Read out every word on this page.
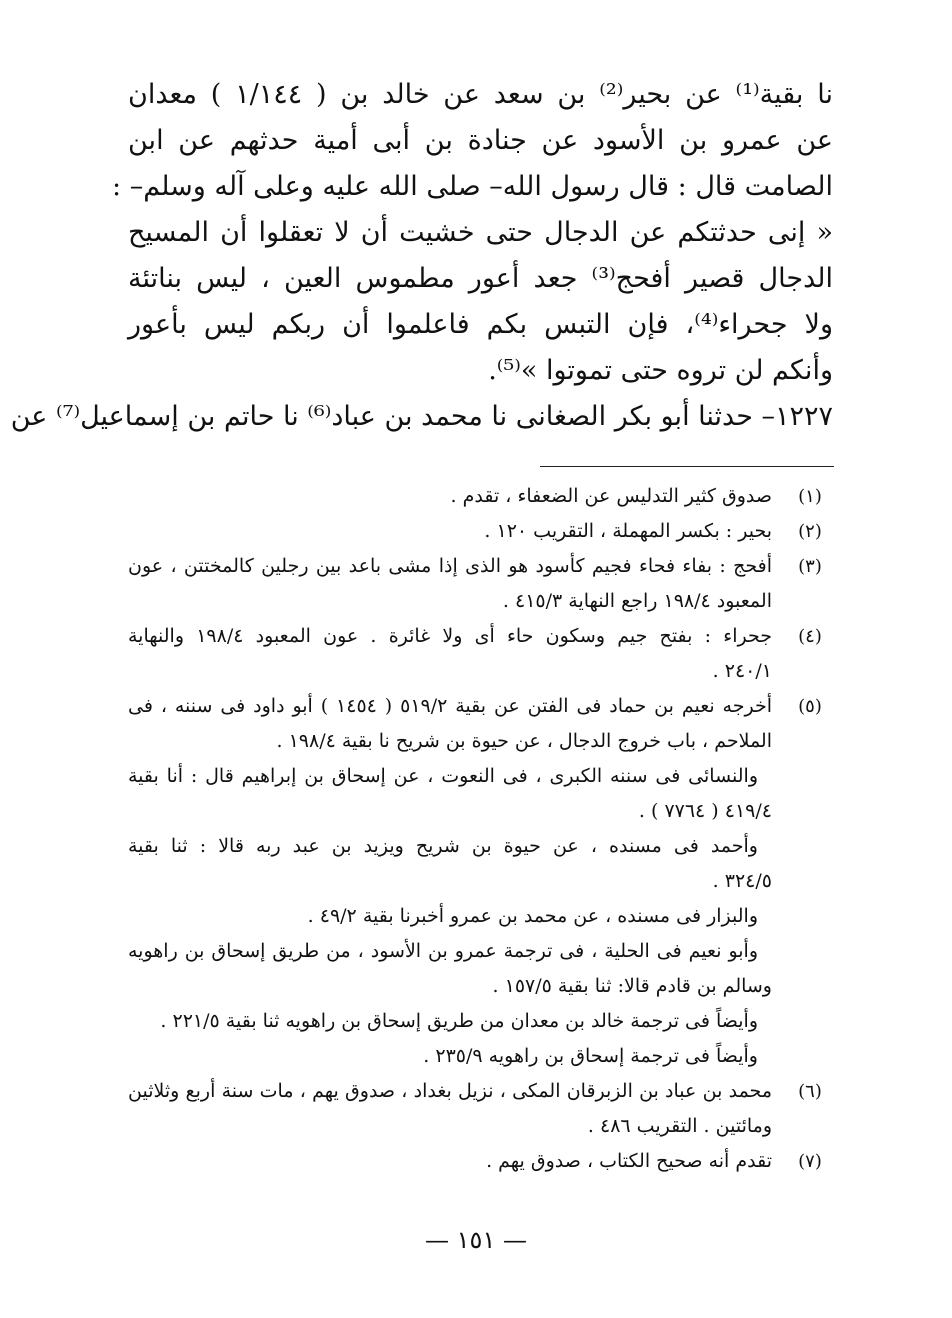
نا بقية⁽¹⁾ عن بحير⁽²⁾ بن سعد عن خالد بن ( ١/١٤٤ ) معدان
عن عمرو بن الأسود عن جنادة بن أبى أمية حدثهم عن ابن
الصامت قال : قال رسول الله– صلى الله عليه وعلى آله وسلم– :
« إنى حدثتكم عن الدجال حتى خشيت أن لا تعقلوا أن المسيح
الدجال قصير أفحج⁽³⁾ جعد أعور مطموس العين ، ليس بناتئة
ولا جحراء⁽⁴⁾، فإن التبس بكم فاعلموا أن ربكم ليس بأعور
وأنكم لن تروه حتى تموتوا »⁽⁵⁾.
١٢٢٧– حدثنا أبو بكر الصغانى نا محمد بن عباد⁽⁶⁾ نا حاتم بن إسماعيل⁽⁷⁾ عن
(١)
صدوق كثير التدليس عن الضعفاء ، تقدم .
(٢)
بحير : بكسر المهملة ، التقريب ١٢٠ .
(٣)
أفحج : بفاء فحاء فجيم كأسود هو الذى إذا مشى باعد بين رجلين كالمختتن ، عون
المعبود ١٩٨/٤ راجع النهاية ٤١٥/٣ .
(٤)
جحراء : بفتح جيم وسكون حاء أى ولا غائرة . عون المعبود ١٩٨/٤ والنهاية
٢٤٠/١ .
(٥)
أخرجه نعيم بن حماد فى الفتن عن بقية ٥١٩/٢ ( ١٤٥٤ ) أبو داود فى سننه ، فى
الملاحم ، باب خروج الدجال ، عن حيوة بن شريح نا بقية ١٩٨/٤ .
والنسائى فى سننه الكبرى ، فى النعوت ، عن إسحاق بن إبراهيم قال : أنا بقية
٤١٩/٤ ( ٧٧٦٤ ) .
وأحمد فى مسنده ، عن حيوة بن شريح ويزيد بن عبد ربه قالا : ثنا بقية
٣٢٤/٥ .
والبزار فى مسنده ، عن محمد بن عمرو أخبرنا بقية ٤٩/٢ .
وأبو نعيم فى الحلية ، فى ترجمة عمرو بن الأسود ، من طريق إسحاق بن راهويه
وسالم بن قادم قالا: ثنا بقية ١٥٧/٥ .
وأيضاً فى ترجمة خالد بن معدان من طريق إسحاق بن راهويه ثنا بقية ٢٢١/٥ .
وأيضاً فى ترجمة إسحاق بن راهويه ٢٣٥/٩ .
(٦)
محمد بن عباد بن الزبرقان المكى ، نزيل بغداد ، صدوق يهم ، مات سنة أربع وثلاثين
ومائتين . التقريب ٤٨٦ .
(٧)
تقدم أنه صحيح الكتاب ، صدوق يهم .
— ١٥١ —
